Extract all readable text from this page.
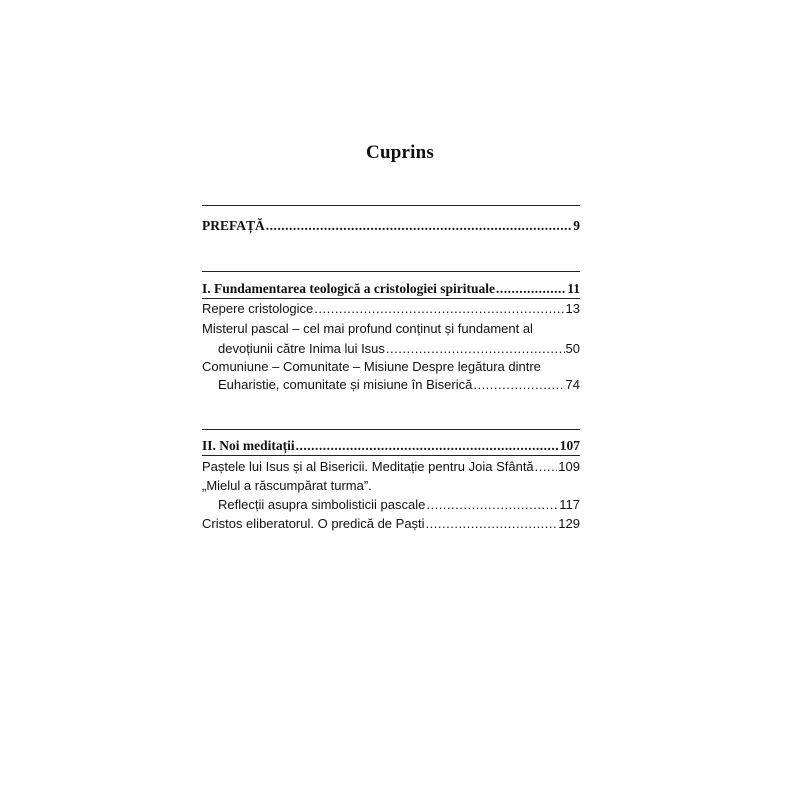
Cuprins
PREFAȚĂ .....	9
I. Fundamentarea teologică a cristologiei spirituale .....	11
Repere cristologice .....	13
Misterul pascal – cel mai profund conținut și fundament al
devoțiunii către Inima lui Isus .....	50
Comuniune – Comunitate – Misiune Despre legătura dintre
Euharistie, comunitate și misiune în Biserică .....	74
II. Noi meditații .....	107
Paștele lui Isus și al Bisericii. Meditație pentru Joia Sfântă ..... 109
„Mielul a răscumpărat turma”.
Reflecții asupra simbolisticii pascale .....	117
Cristos eliberatorul. O predică de Paști .....	129
